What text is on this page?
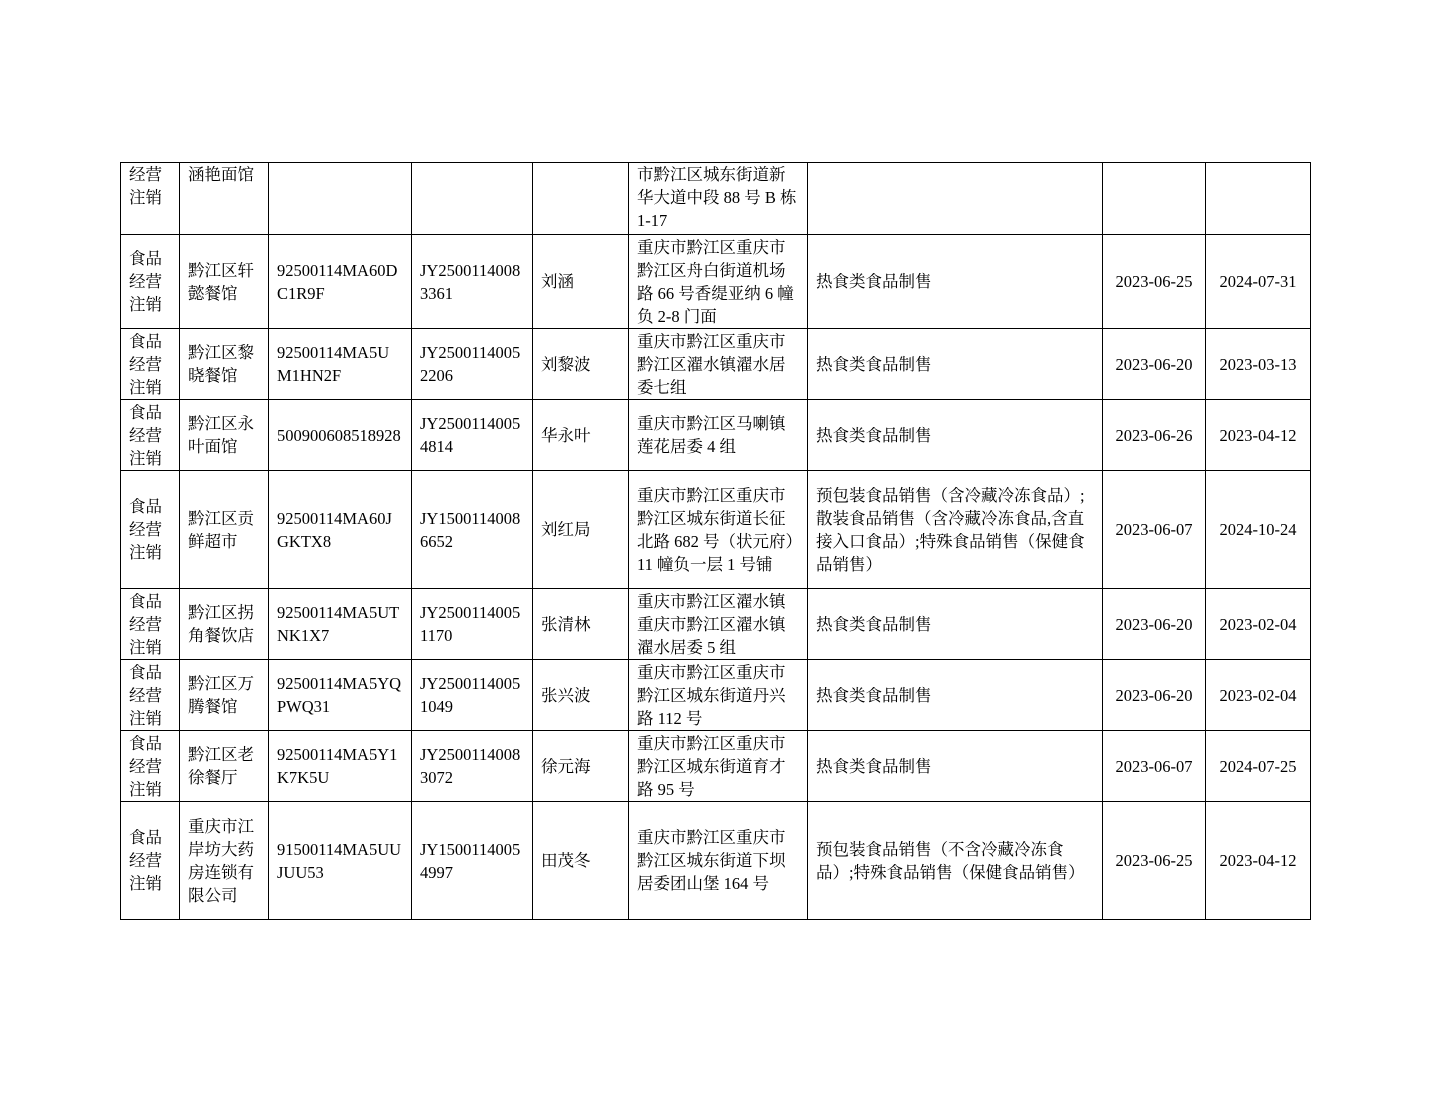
经营注销	涵艳面馆				市黔江区城东街道新华大道中段 88 号 B 栋 1-17			
食品经营注销	黔江区轩懿餐馆	92500114MA60DC1R9F	JY25001140083361	刘涵	重庆市黔江区重庆市黔江区舟白街道机场路 66 号香缇亚纳 6 幢负 2-8 门面	热食类食品制售	2023-06-25	2024-07-31
食品经营注销	黔江区黎晓餐馆	92500114MA5UM1HN2F	JY25001140052206	刘黎波	重庆市黔江区重庆市黔江区濯水镇濯水居委七组	热食类食品制售	2023-06-20	2023-03-13
食品经营注销	黔江区永叶面馆	500900608518928	JY25001140054814	华永叶	重庆市黔江区马喇镇莲花居委 4 组	热食类食品制售	2023-06-26	2023-04-12
食品经营注销	黔江区贡鲜超市	92500114MA60JGKTX8	JY15001140086652	刘红局	重庆市黔江区重庆市黔江区城东街道长征北路 682 号（状元府）11 幢负一层 1 号铺	预包装食品销售（含冷藏冷冻食品）;散装食品销售（含冷藏冷冻食品,含直接入口食品）;特殊食品销售（保健食品销售）	2023-06-07	2024-10-24
食品经营注销	黔江区拐角餐饮店	92500114MA5UTNK1X7	JY25001140051170	张清林	重庆市黔江区濯水镇重庆市黔江区濯水镇濯水居委 5 组	热食类食品制售	2023-06-20	2023-02-04
食品经营注销	黔江区万腾餐馆	92500114MA5YQPWQ31	JY25001140051049	张兴波	重庆市黔江区重庆市黔江区城东街道丹兴路 112 号	热食类食品制售	2023-06-20	2023-02-04
食品经营注销	黔江区老徐餐厅	92500114MA5Y1K7K5U	JY25001140083072	徐元海	重庆市黔江区重庆市黔江区城东街道育才路 95 号	热食类食品制售	2023-06-07	2024-07-25
食品经营注销	重庆市江岸坊大药房连锁有限公司	91500114MA5UUJUU53	JY15001140054997	田茂冬	重庆市黔江区重庆市黔江区城东街道下坝居委团山堡 164 号	预包装食品销售（不含冷藏冷冻食品）;特殊食品销售（保健食品销售）	2023-06-25	2023-04-12
